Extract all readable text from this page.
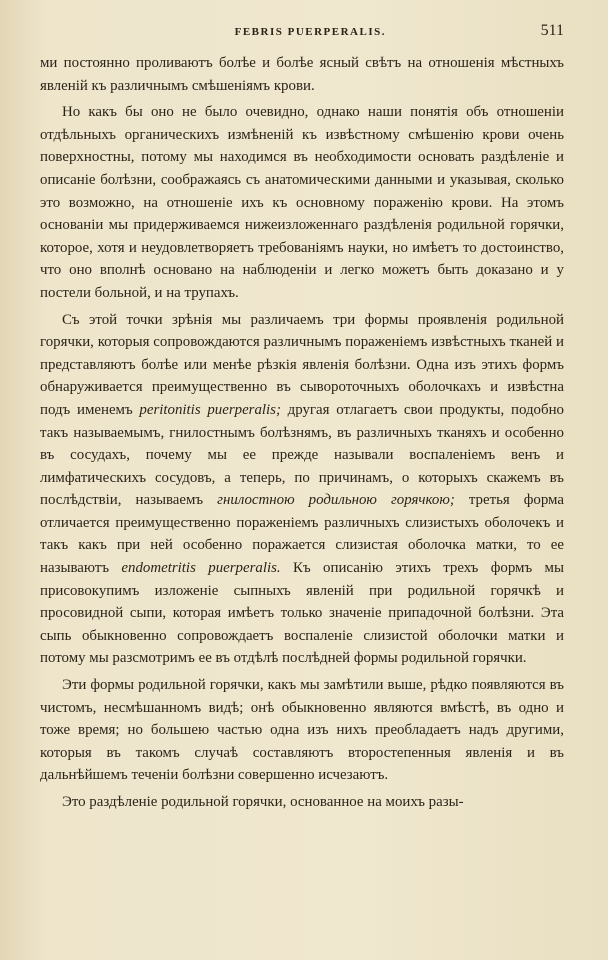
FEBRIS PUERPERALIS.	511

ми постоянно проливаютъ болѣе и болѣе ясный свѣтъ на отношенія мѣстныхъ явленій къ различнымъ смѣшеніямъ крови.

Но какъ бы оно не было очевидно, однако наши понятія объ отношеніи отдѣльныхъ органическихъ измѣненій къ извѣстному смѣшенію крови очень поверхностны, потому мы находимся въ необходимости основать раздѣленіе и описаніе болѣзни, соображаясь съ анатомическими данными и указывая, сколько это возможно, на отношеніе ихъ къ основному пораженію крови. На этомъ основаніи мы придерживаемся нижеизложеннаго раздѣленія родильной горячки, которое, хотя и неудовлетворяетъ требованіямъ науки, но имѣетъ то достоинство, что оно вполнѣ основано на наблюденіи и легко можетъ быть доказано и у постели больной, и на трупахъ.

Съ этой точки зрѣнія мы различаемъ три формы проявленія родильной горячки, которыя сопровождаются различнымъ пораженіемъ извѣстныхъ тканей и представляютъ болѣе или менѣе рѣзкія явленія болѣзни. Одна изъ этихъ формъ обнаруживается преимущественно въ сывороточныхъ оболочкахъ и извѣстна подъ именемъ peritonitis puerperalis; другая отлагаетъ свои продукты, подобно такъ называемымъ, гнилостнымъ болѣзнямъ, въ различныхъ тканяхъ и особенно въ сосудахъ, почему мы ее прежде называли воспаленіемъ венъ и лимфатическихъ сосудовъ, а теперь, по причинамъ, о которыхъ скажемъ въ послѣдствіи, называемъ гнилостною родильною горячкою; третья форма отличается преимущественно пораженіемъ различныхъ слизистыхъ оболочекъ и такъ какъ при ней особенно поражается слизистая оболочка матки, то ее называютъ endometritis puerperalis. Къ описанію этихъ трехъ формъ мы присовокупимъ изложеніе сыпныхъ явленій при родильной горячкѣ и просовидной сыпи, которая имѣетъ только значеніе припадочной болѣзни. Эта сыпь обыкновенно сопровождаетъ воспаленіе слизистой оболочки матки и потому мы разсмотримъ ее въ отдѣлѣ послѣдней формы родильной горячки.

Эти формы родильной горячки, какъ мы замѣтили выше, рѣдко появляются въ чистомъ, несмѣшанномъ видѣ; онѣ обыкновенно являются вмѣстѣ, въ одно и тоже время; но большею частью одна изъ нихъ преобладаетъ надъ другими, которыя въ такомъ случаѣ составляютъ второстепенныя явленія и въ дальнѣйшемъ теченіи болѣзни совершенно исчезаютъ.

Это раздѣленіе родильной горячки, основанное на моихъ разы-
